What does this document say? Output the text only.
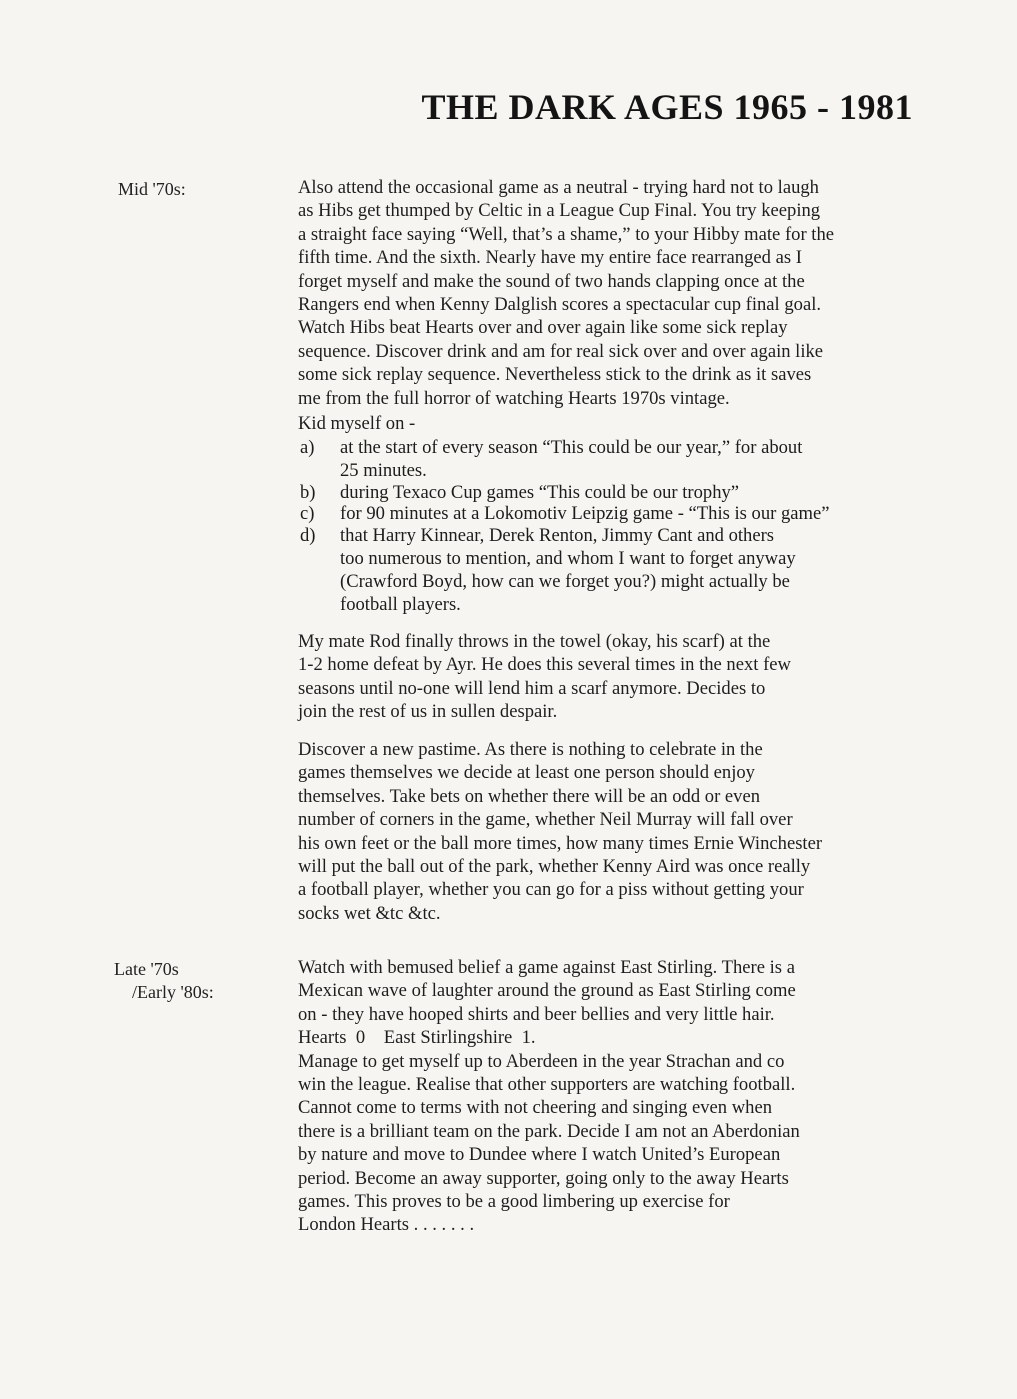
THE DARK AGES 1965 - 1981
Mid '70s:	Also attend the occasional game as a neutral - trying hard not to laugh
as Hibs get thumped by Celtic in a League Cup Final. You try keeping
a straight face saying “Well, that’s a shame,” to your Hibby mate for the
fifth time. And the sixth. Nearly have my entire face rearranged as I
forget myself and make the sound of two hands clapping once at the
Rangers end when Kenny Dalglish scores a spectacular cup final goal.
Watch Hibs beat Hearts over and over again like some sick replay
sequence. Discover drink and am for real sick over and over again like
some sick replay sequence. Nevertheless stick to the drink as it saves
me from the full horror of watching Hearts 1970s vintage.
Kid myself on -
a) at the start of every season “This could be our year,” for about
25 minutes.
b) during Texaco Cup games “This could be our trophy”
c) for 90 minutes at a Lokomotiv Leipzig game - “This is our game”
d) that Harry Kinnear, Derek Renton, Jimmy Cant and others
too numerous to mention, and whom I want to forget anyway
(Crawford Boyd, how can we forget you?) might actually be
football players.
My mate Rod finally throws in the towel (okay, his scarf) at the
1-2 home defeat by Ayr. He does this several times in the next few
seasons until no-one will lend him a scarf anymore. Decides to
join the rest of us in sullen despair.
Discover a new pastime. As there is nothing to celebrate in the
games themselves we decide at least one person should enjoy
themselves. Take bets on whether there will be an odd or even
number of corners in the game, whether Neil Murray will fall over
his own feet or the ball more times, how many times Ernie Winchester
will put the ball out of the park, whether Kenny Aird was once really
a football player, whether you can go for a piss without getting your
socks wet &tc &tc.
Late '70s
/Early '80s:
Watch with bemused belief a game against East Stirling. There is a
Mexican wave of laughter around the ground as East Stirling come
on - they have hooped shirts and beer bellies and very little hair.
Hearts  0    East Stirlingshire  1.
Manage to get myself up to Aberdeen in the year Strachan and co
win the league. Realise that other supporters are watching football.
Cannot come to terms with not cheering and singing even when
there is a brilliant team on the park. Decide I am not an Aberdonian
by nature and move to Dundee where I watch United’s European
period. Become an away supporter, going only to the away Hearts
games. This proves to be a good limbering up exercise for
London Hearts . . . . . . .
